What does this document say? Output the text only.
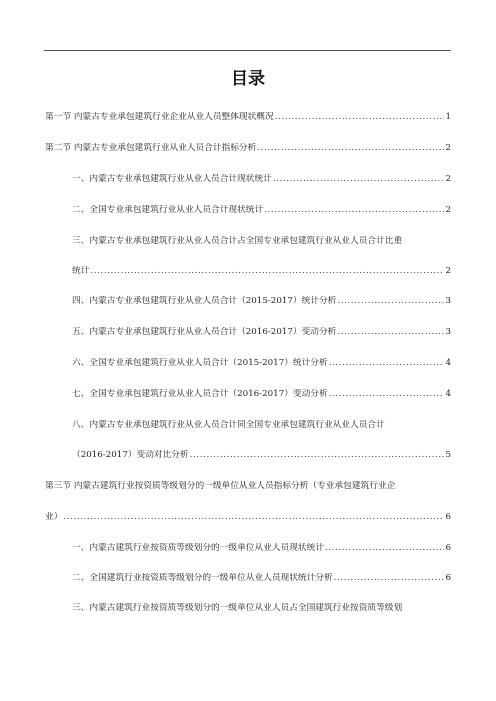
目录
第一节 内蒙古专业承包建筑行业企业从业人员整体现状概况 .....	1
第二节 内蒙古专业承包建筑行业从业人员合计指标分析 .....	2
一、内蒙古专业承包建筑行业从业人员合计现状统计 .....	2
二、全国专业承包建筑行业从业人员合计现状统计 .....	2
三、内蒙古专业承包建筑行业从业人员合计占全国专业承包建筑行业从业人员合计比重
统计 .....	2
四、内蒙古专业承包建筑行业从业人员合计（2015-2017）统计分析 .....	3
五、内蒙古专业承包建筑行业从业人员合计（2016-2017）变动分析 .....	3
六、全国专业承包建筑行业从业人员合计（2015-2017）统计分析 .....	4
七、全国专业承包建筑行业从业人员合计（2016-2017）变动分析 .....	4
八、内蒙古专业承包建筑行业从业人员合计同全国专业承包建筑行业从业人员合计
（2016-2017）变动对比分析 .....	5
第三节 内蒙古建筑行业按资质等级划分的一级单位从业人员指标分析（专业承包建筑行业企
业） .....	6
一、内蒙古建筑行业按资质等级划分的一级单位从业人员现状统计 .....	6
二、全国建筑行业按资质等级划分的一级单位从业人员现状统计分析 .....	6
三、内蒙古建筑行业按资质等级划分的一级单位从业人员占全国建筑行业按资质等级划
